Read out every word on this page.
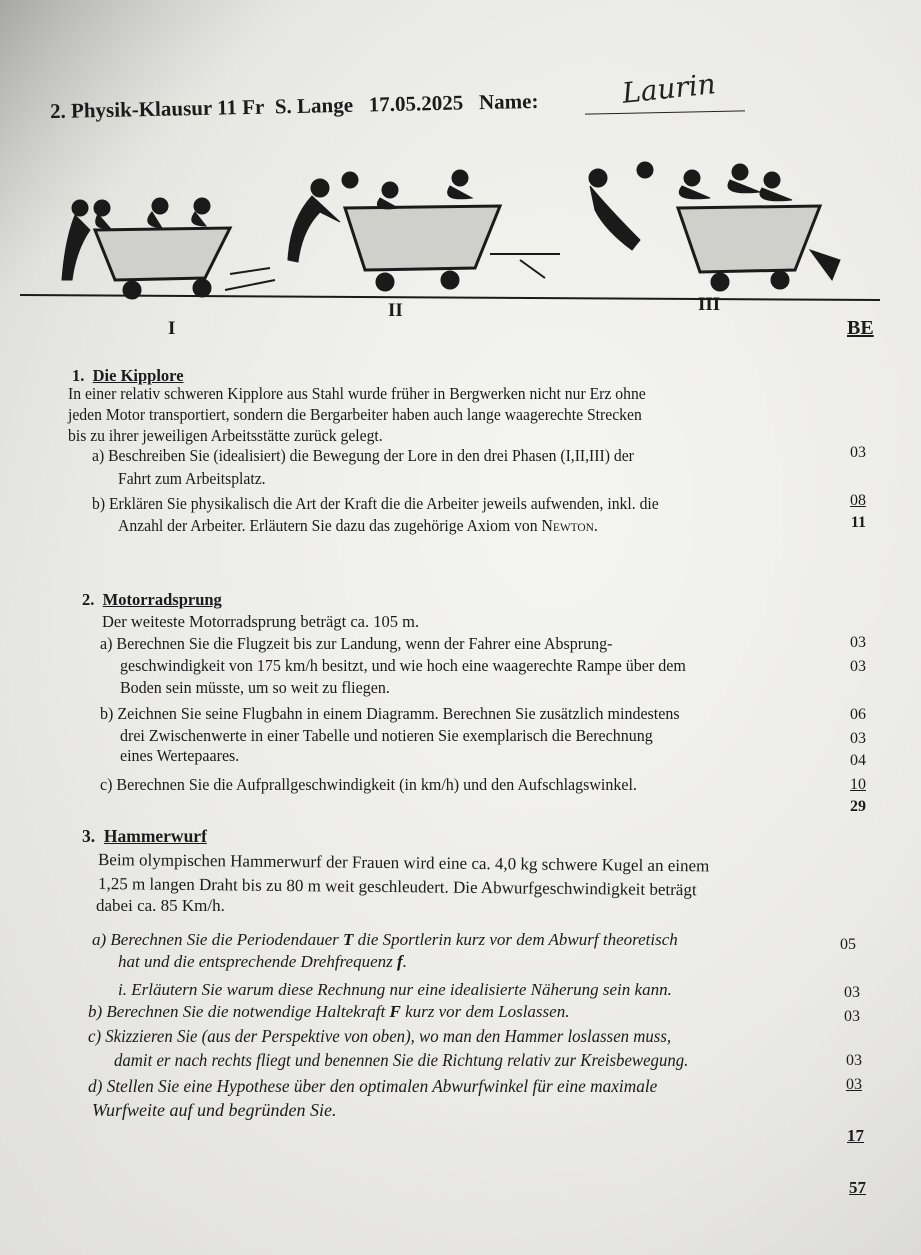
2. Physik-Klausur 11 Fr S. Lange 17.05.2025 Name:	Laurin
I
II	III
BE
1. Die Kipplore
In einer relativ schweren Kipplore aus Stahl wurde früher in Bergwerken nicht nur Erz ohne
jeden Motor transportiert, sondern die Bergarbeiter haben auch lange waagerechte Strecken
bis zu ihrer jeweiligen Arbeitsstätte zurück gelegt.
a) Beschreiben Sie (idealisiert) die Bewegung der Lore in den drei Phasen (I,II,III) der
Fahrt zum Arbeitsplatz.
b) Erklären Sie physikalisch die Art der Kraft die die Arbeiter jeweils aufwenden, inkl. die
Anzahl der Arbeiter. Erläutern Sie dazu das zugehörige Axiom von Newton.
03
08
11
2. Motorradsprung
Der weiteste Motorradsprung beträgt ca. 105 m.
a) Berechnen Sie die Flugzeit bis zur Landung, wenn der Fahrer eine Absprung-
geschwindigkeit von 175 km/h besitzt, und wie hoch eine waagerechte Rampe über dem
Boden sein müsste, um so weit zu fliegen.
b) Zeichnen Sie seine Flugbahn in einem Diagramm. Berechnen Sie zusätzlich mindestens
drei Zwischenwerte in einer Tabelle und notieren Sie exemplarisch die Berechnung
eines Wertepaares.
c) Berechnen Sie die Aufprallgeschwindigkeit (in km/h) und den Aufschlagswinkel.
03
03
06
03
04
10
29
3. Hammerwurf
Beim olympischen Hammerwurf der Frauen wird eine ca. 4,0 kg schwere Kugel an einem
1,25 m langen Draht bis zu 80 m weit geschleudert. Die Abwurfgeschwindigkeit beträgt
dabei ca. 85 Km/h.
a) Berechnen Sie die Periodendauer T die Sportlerin kurz vor dem Abwurf theoretisch
hat und die entsprechende Drehfrequenz f.
i. Erläutern Sie warum diese Rechnung nur eine idealisierte Näherung sein kann.
b) Berechnen Sie die notwendige Haltekraft F kurz vor dem Loslassen.
c) Skizzieren Sie (aus der Perspektive von oben), wo man den Hammer loslassen muss,
damit er nach rechts fliegt und benennen Sie die Richtung relativ zur Kreisbewegung.
d) Stellen Sie eine Hypothese über den optimalen Abwurfwinkel für eine maximale
Wurfweite auf und begründen Sie.
05
03
03
03
03
17
57
